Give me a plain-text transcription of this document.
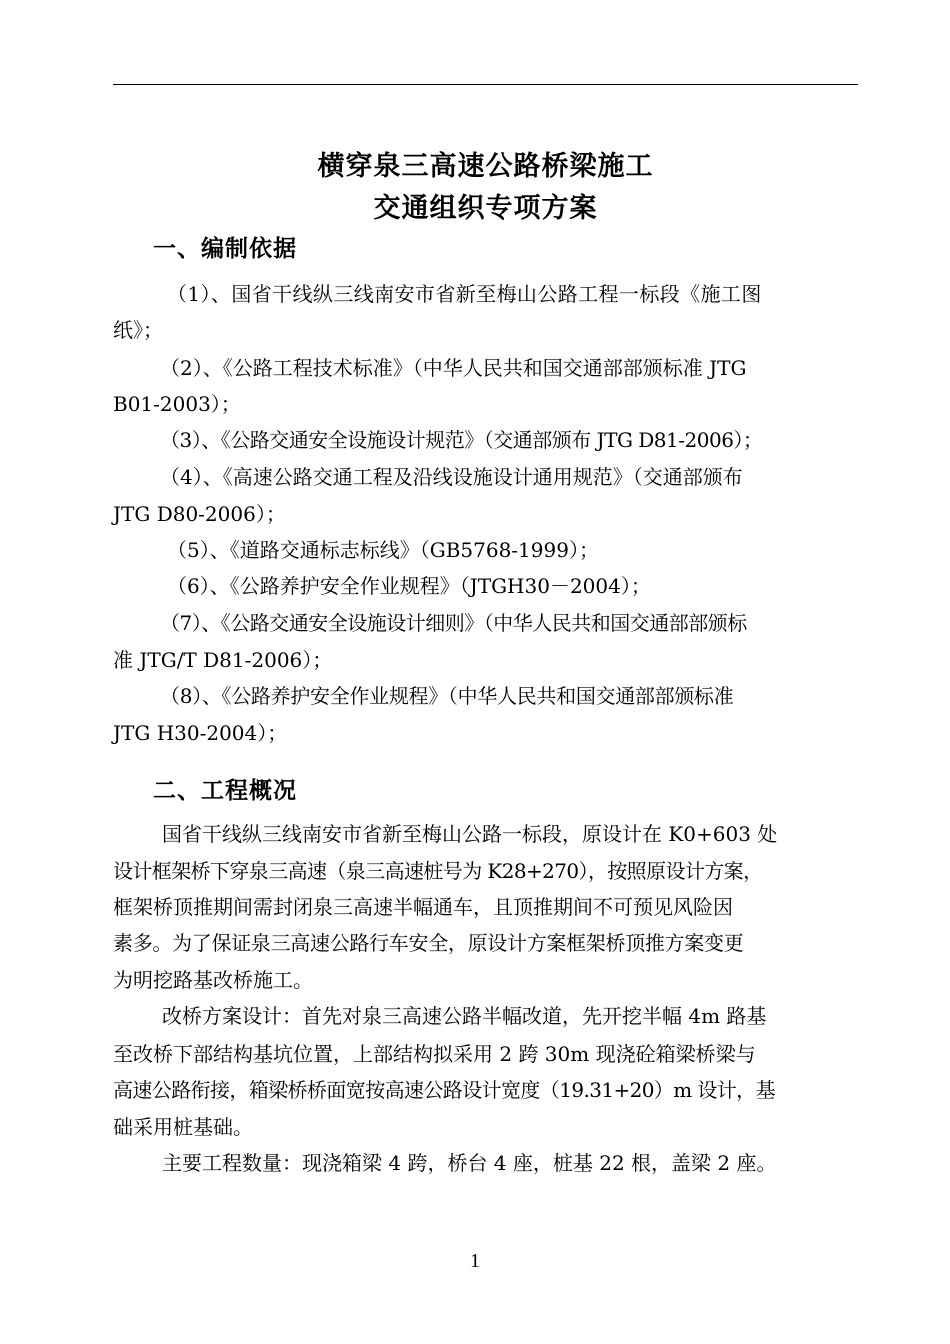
横穿泉三高速公路桥梁施工
交通组织专项方案
一、编制依据
（1）、国省干线纵三线南安市省新至梅山公路工程一标段《施工图
纸》；
（2）、《公路工程技术标准》（中华人民共和国交通部部颁标准 JTG
B01-2003）；
（3）、《公路交通安全设施设计规范》（交通部颁布 JTG D81-2006）；
（4）、《高速公路交通工程及沿线设施设计通用规范》（交通部颁布
JTG D80-2006）；
（5）、《道路交通标志标线》（GB5768-1999）；
（6）、《公路养护安全作业规程》（JTGH30－2004）；
（7）、《公路交通安全设施设计细则》（中华人民共和国交通部部颁标
准 JTG/T D81-2006）；
（8）、《公路养护安全作业规程》（中华人民共和国交通部部颁标准
JTG H30-2004）；
二、工程概况
国省干线纵三线南安市省新至梅山公路一标段，原设计在 K0+603 处
设计框架桥下穿泉三高速（泉三高速桩号为 K28+270），按照原设计方案，
框架桥顶推期间需封闭泉三高速半幅通车，且顶推期间不可预见风险因
素多。为了保证泉三高速公路行车安全，原设计方案框架桥顶推方案变更
为明挖路基改桥施工。
改桥方案设计：首先对泉三高速公路半幅改道，先开挖半幅 4m 路基
至改桥下部结构基坑位置，上部结构拟采用 2 跨 30m 现浇砼箱梁桥梁与
高速公路衔接，箱梁桥桥面宽按高速公路设计宽度（19.31+20）m 设计，基
础采用桩基础。
主要工程数量：现浇箱梁 4 跨，桥台 4 座，桩基 22 根，盖梁 2 座。
1
